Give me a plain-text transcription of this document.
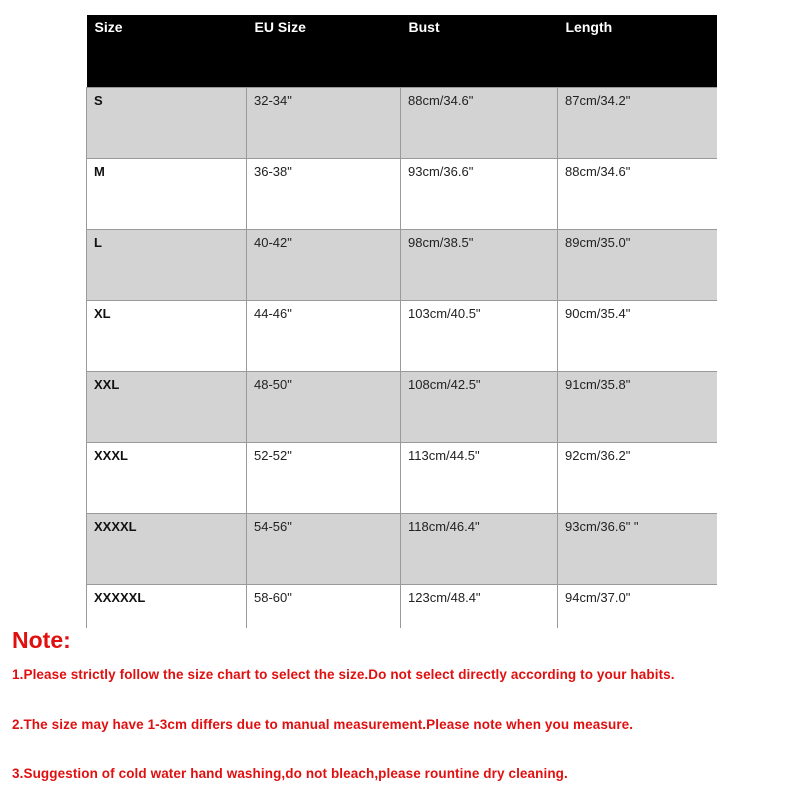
Size	EU Size	Bust	Length
S	32-34"	88cm/34.6"	87cm/34.2"
M	36-38"	93cm/36.6"	88cm/34.6"
L	40-42"	98cm/38.5"	89cm/35.0"
XL	44-46"	103cm/40.5"	90cm/35.4"
XXL	48-50"	108cm/42.5"	91cm/35.8"
XXXL	52-52"	113cm/44.5"	92cm/36.2"
XXXXL	54-56"	118cm/46.4"	93cm/36.6" "
XXXXXL	58-60"	123cm/48.4"	94cm/37.0"
Note:
1.Please strictly follow the size chart to select the size.Do not select directly according to your habits.
2.The size may have 1-3cm differs due to manual measurement.Please note when you measure.
3.Suggestion of cold water hand washing,do not bleach,please rountine dry cleaning.
